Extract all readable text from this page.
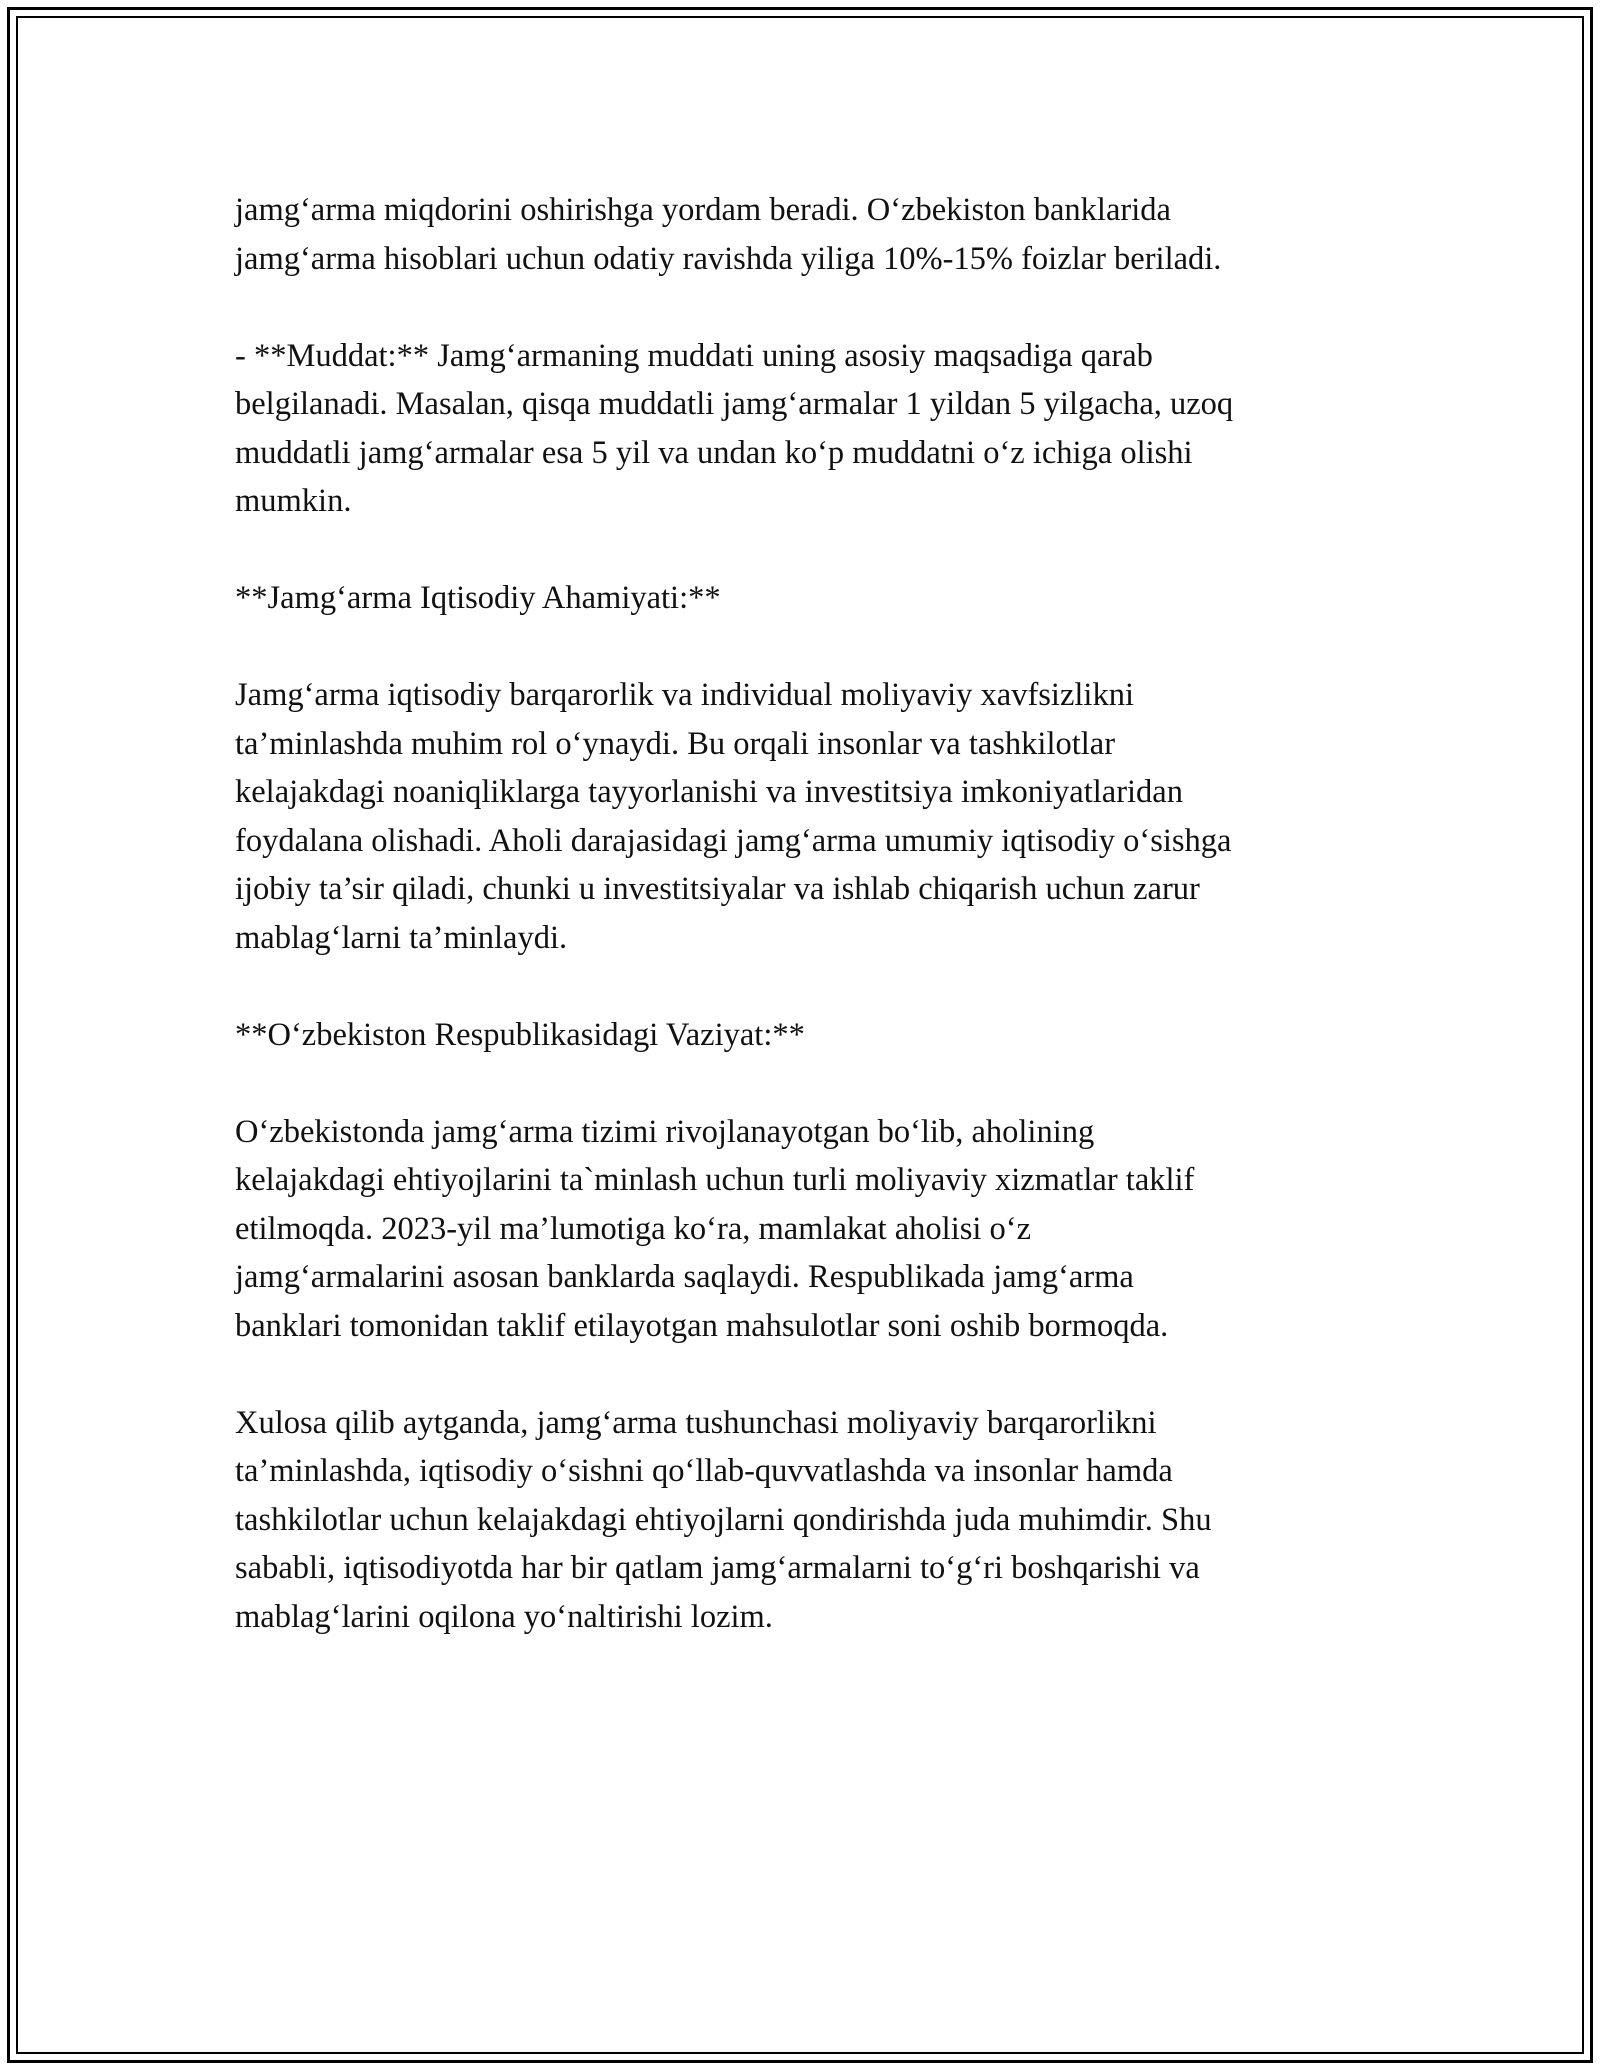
jamg‘arma miqdorini oshirishga yordam beradi. O‘zbekiston banklarida
jamg‘arma hisoblari uchun odatiy ravishda yiliga 10%-15% foizlar beriladi.

- **Muddat:** Jamg‘armaning muddati uning asosiy maqsadiga qarab
belgilanadi. Masalan, qisqa muddatli jamg‘armalar 1 yildan 5 yilgacha, uzoq
muddatli jamg‘armalar esa 5 yil va undan ko‘p muddatni o‘z ichiga olishi
mumkin.

**Jamg‘arma Iqtisodiy Ahamiyati:**

Jamg‘arma iqtisodiy barqarorlik va individual moliyaviy xavfsizlikni
ta’minlashda muhim rol o‘ynaydi. Bu orqali insonlar va tashkilotlar
kelajakdagi noaniqliklarga tayyorlanishi va investitsiya imkoniyatlaridan
foydalana olishadi. Aholi darajasidagi jamg‘arma umumiy iqtisodiy o‘sishga
ijobiy ta’sir qiladi, chunki u investitsiyalar va ishlab chiqarish uchun zarur
mablag‘larni ta’minlaydi.

**O‘zbekiston Respublikasidagi Vaziyat:**

O‘zbekistonda jamg‘arma tizimi rivojlanayotgan bo‘lib, aholining
kelajakdagi ehtiyojlarini ta`minlash uchun turli moliyaviy xizmatlar taklif
etilmoqda. 2023-yil ma’lumotiga ko‘ra, mamlakat aholisi o‘z
jamg‘armalarini asosan banklarda saqlaydi. Respublikada jamg‘arma
banklari tomonidan taklif etilayotgan mahsulotlar soni oshib bormoqda.

Xulosa qilib aytganda, jamg‘arma tushunchasi moliyaviy barqarorlikni
ta’minlashda, iqtisodiy o‘sishni qo‘llab-quvvatlashda va insonlar hamda
tashkilotlar uchun kelajakdagi ehtiyojlarni qondirishda juda muhimdir. Shu
sababli, iqtisodiyotda har bir qatlam jamg‘armalarni to‘g‘ri boshqarishi va
mablag‘larini oqilona yo‘naltirishi lozim.
